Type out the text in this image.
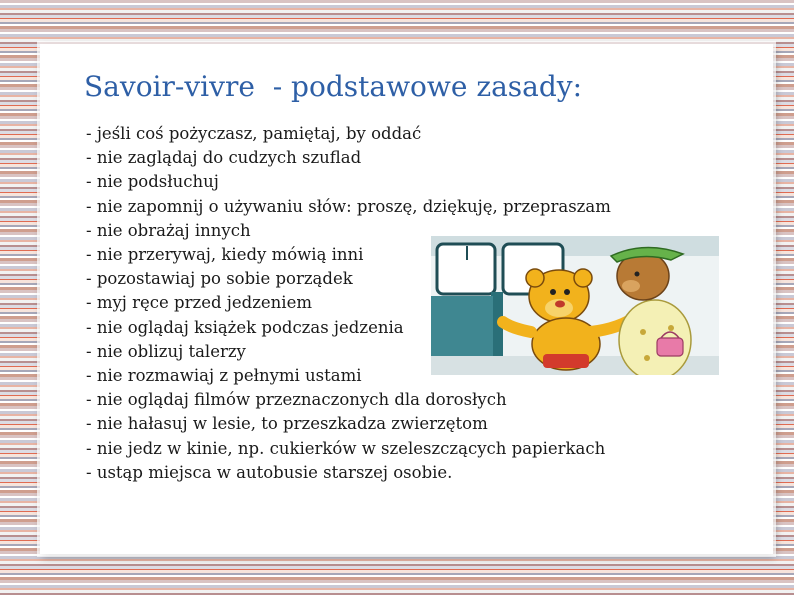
Savoir-vivre  - podstawowe zasady:
- jeśli coś pożyczasz, pamiętaj, by oddać
- nie zaglądaj do cudzych szuflad
- nie podsłuchuj
- nie zapomnij o używaniu słów: proszę, dziękuję, przepraszam
- nie obrażaj innych
- nie przerywaj, kiedy mówią inni
- pozostawiaj po sobie porządek
- myj ręce przed jedzeniem
- nie oglądaj książek podczas jedzenia
- nie oblizuj talerzy
- nie rozmawiaj z pełnymi ustami
- nie oglądaj filmów przeznaczonych dla dorosłych
- nie hałasuj w lesie, to przeszkadza zwierzętom
- nie jedz w kinie, np. cukierków w szeleszczących papierkach
- ustąp miejsca w autobusie starszej osobie.
